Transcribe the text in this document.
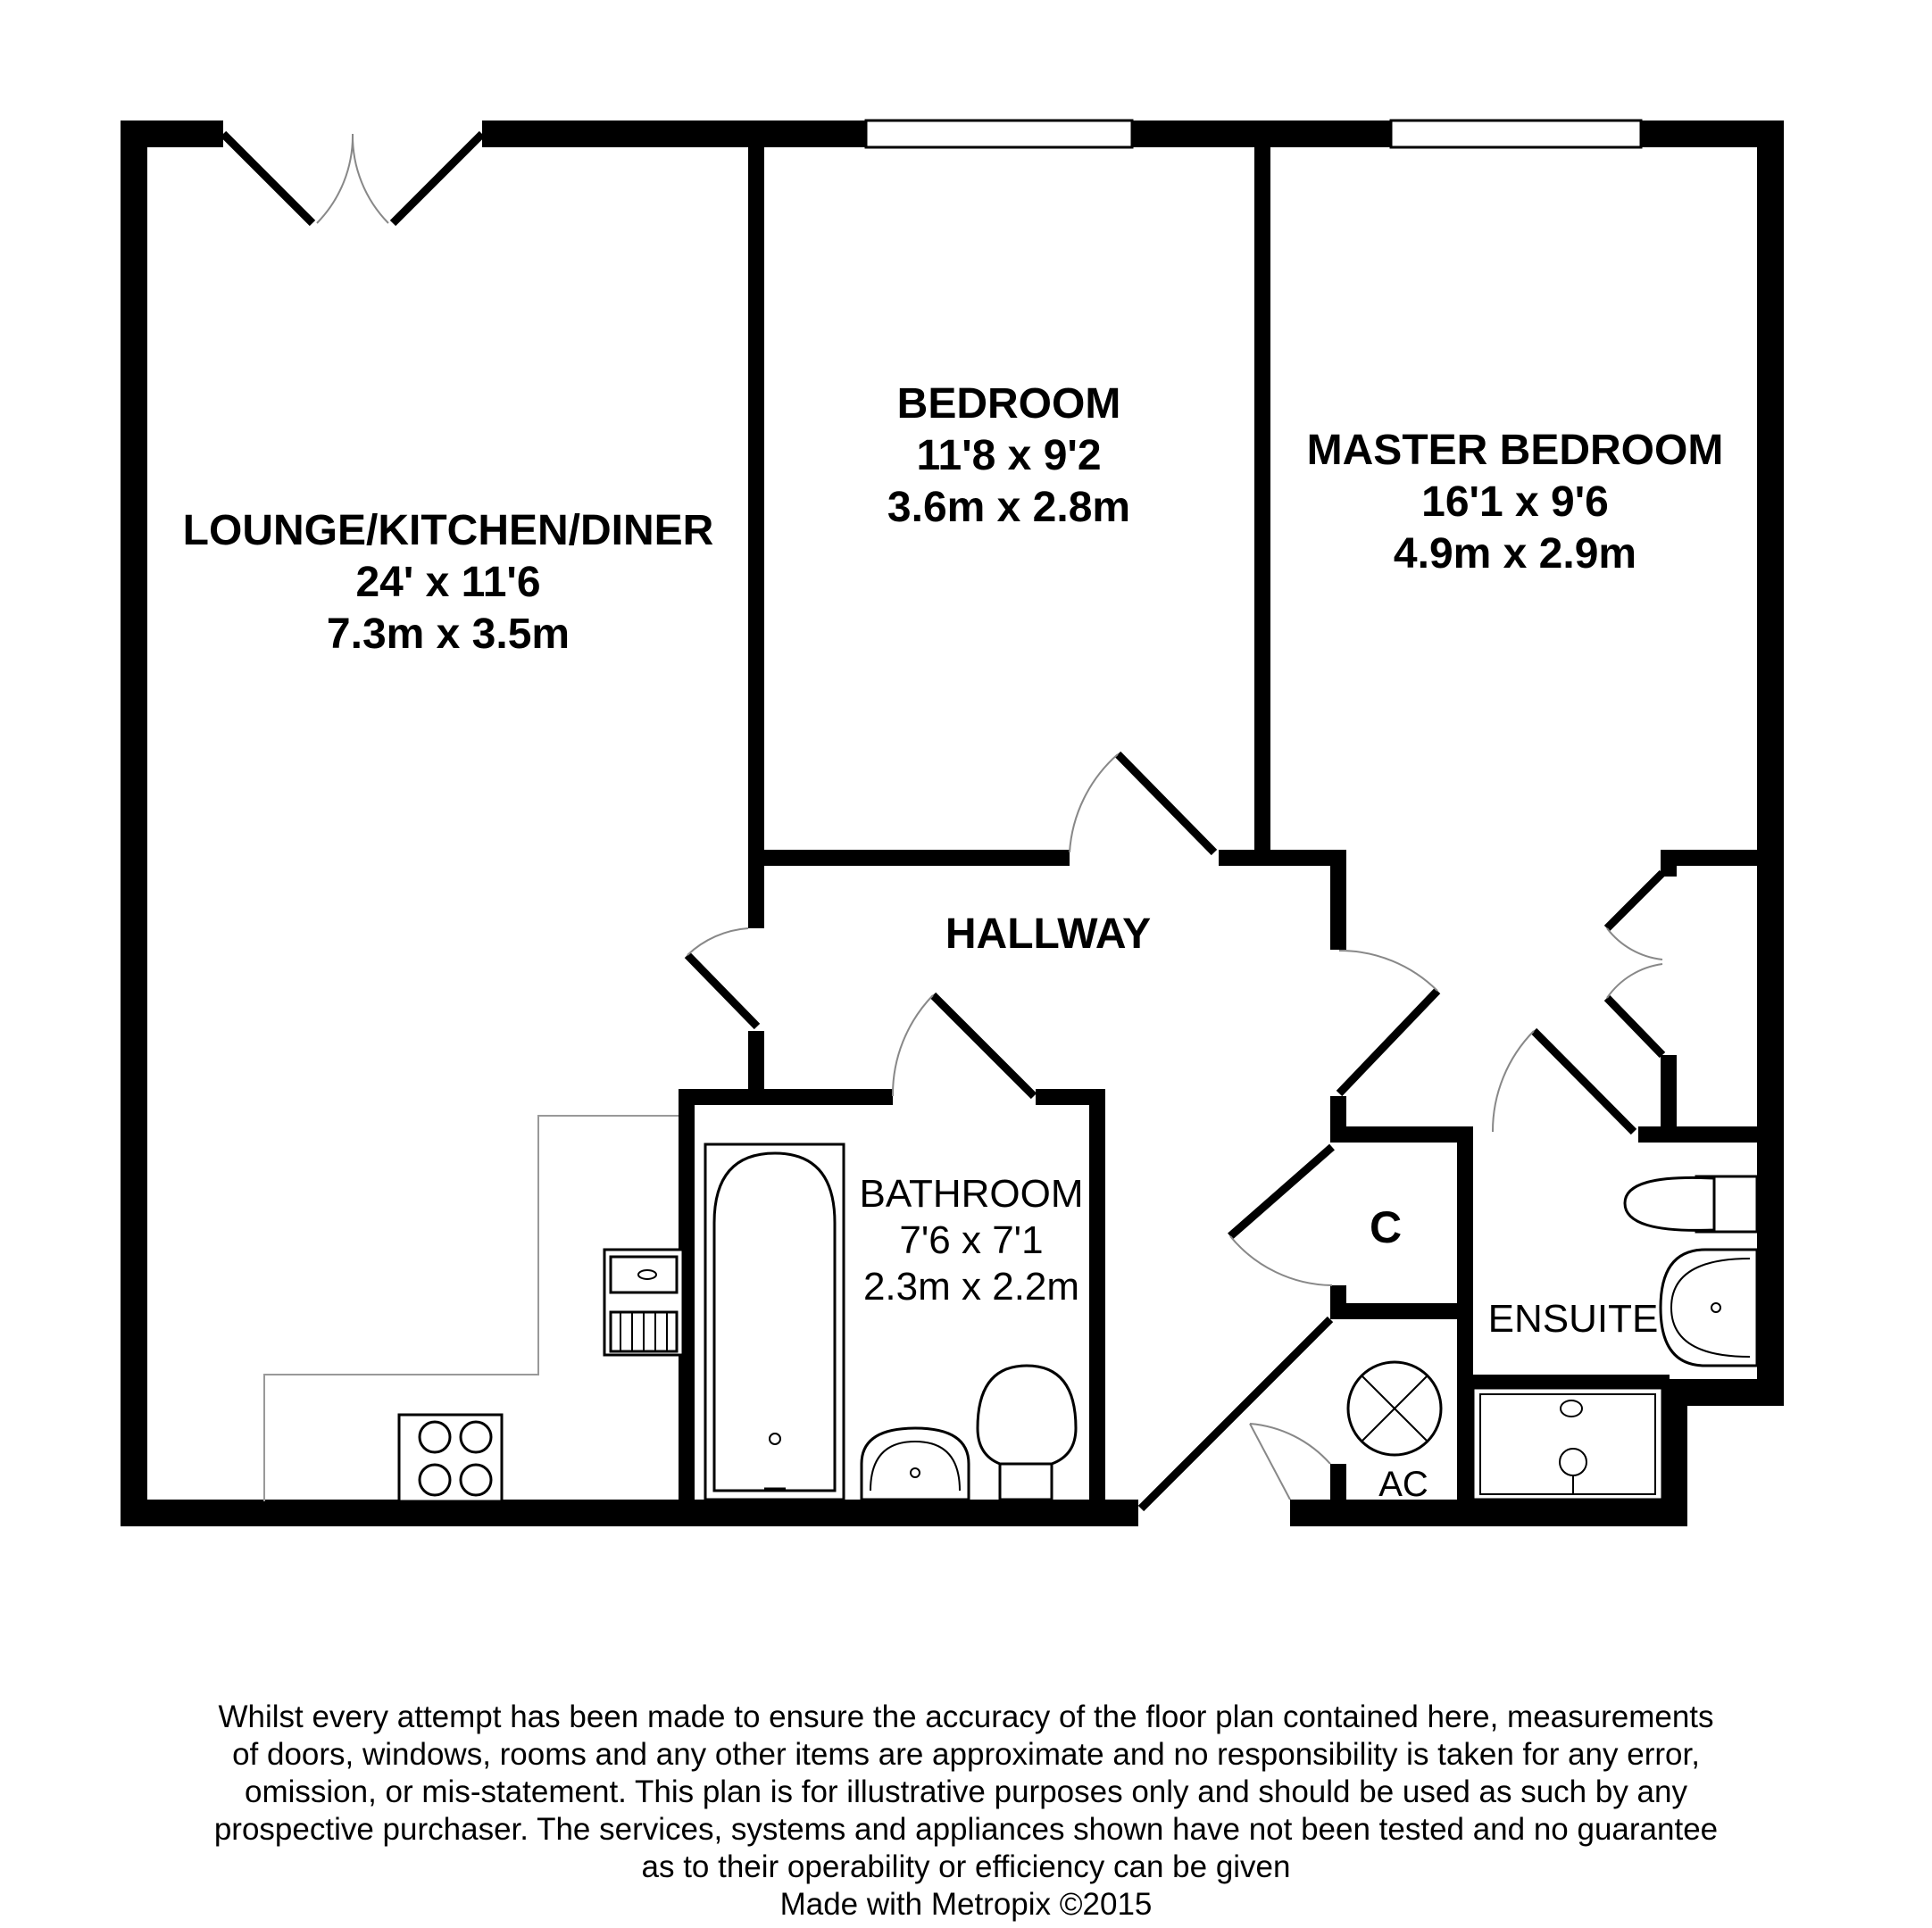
LOUNGE/KITCHEN/DINER
24' x 11'6
7.3m x 3.5m
BEDROOM
11'8 x 9'2
3.6m x 2.8m
MASTER BEDROOM
16'1 x 9'6
4.9m x 2.9m
HALLWAY
BATHROOM
7'6 x 7'1
2.3m x 2.2m
C
ENSUITE
AC
Whilst every attempt has been made to ensure the accuracy of the floor plan contained here, measurements
of doors, windows, rooms and any other items are approximate and no responsibility is taken for any error,
omission, or mis-statement. This plan is for illustrative purposes only and should be used as such by any
prospective purchaser. The services, systems and appliances shown have not been tested and no guarantee
as to their operability or efficiency can be given
Made with Metropix ©2015
